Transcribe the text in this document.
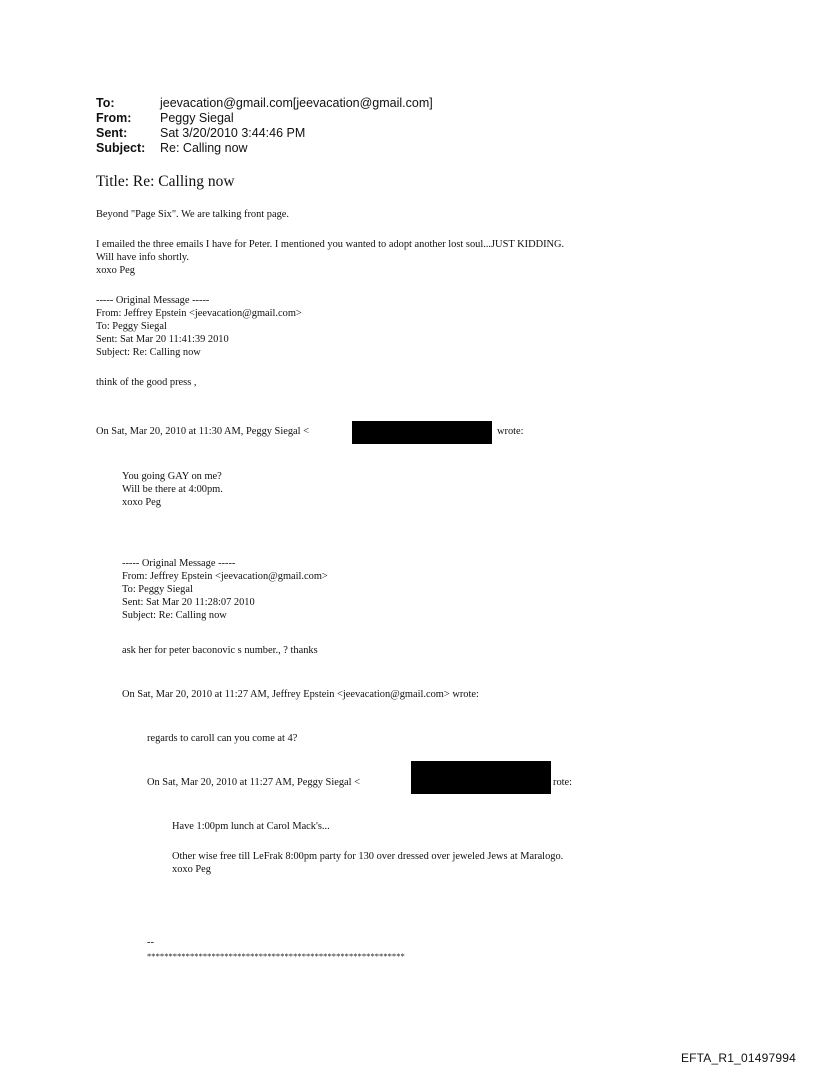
To:	jeevacation@gmail.com[jeevacation@gmail.com]
From:	Peggy Siegal
Sent:	Sat 3/20/2010 3:44:46 PM
Subject:	Re: Calling now
Title: Re: Calling now
Beyond "Page Six". We are talking front page.
I emailed the three emails I have for Peter. I mentioned you wanted to adopt another lost soul...JUST KIDDING.
Will have info shortly.
xoxo Peg
----- Original Message -----
From: Jeffrey Epstein <jeevacation@gmail.com>
To: Peggy Siegal
Sent: Sat Mar 20 11:41:39 2010
Subject: Re: Calling now
think of the good press ,
On Sat, Mar 20, 2010 at 11:30 AM, Peggy Siegal <	wrote:
You going GAY on me?
Will be there at 4:00pm.
xoxo Peg
----- Original Message -----
From: Jeffrey Epstein <jeevacation@gmail.com>
To: Peggy Siegal
Sent: Sat Mar 20 11:28:07 2010
Subject: Re: Calling now
ask her for peter baconovic s number., ? thanks
On Sat, Mar 20, 2010 at 11:27 AM, Jeffrey Epstein <jeevacation@gmail.com> wrote:
regards to caroll can you come at 4?
On Sat, Mar 20, 2010 at 11:27 AM, Peggy Siegal <	rote:
Have 1:00pm lunch at Carol Mack's...
Other wise free till LeFrak 8:00pm party for 130 over dressed over jeweled Jews at Maralogo.
xoxo Peg
--
************************************************************
EFTA_R1_01497994
